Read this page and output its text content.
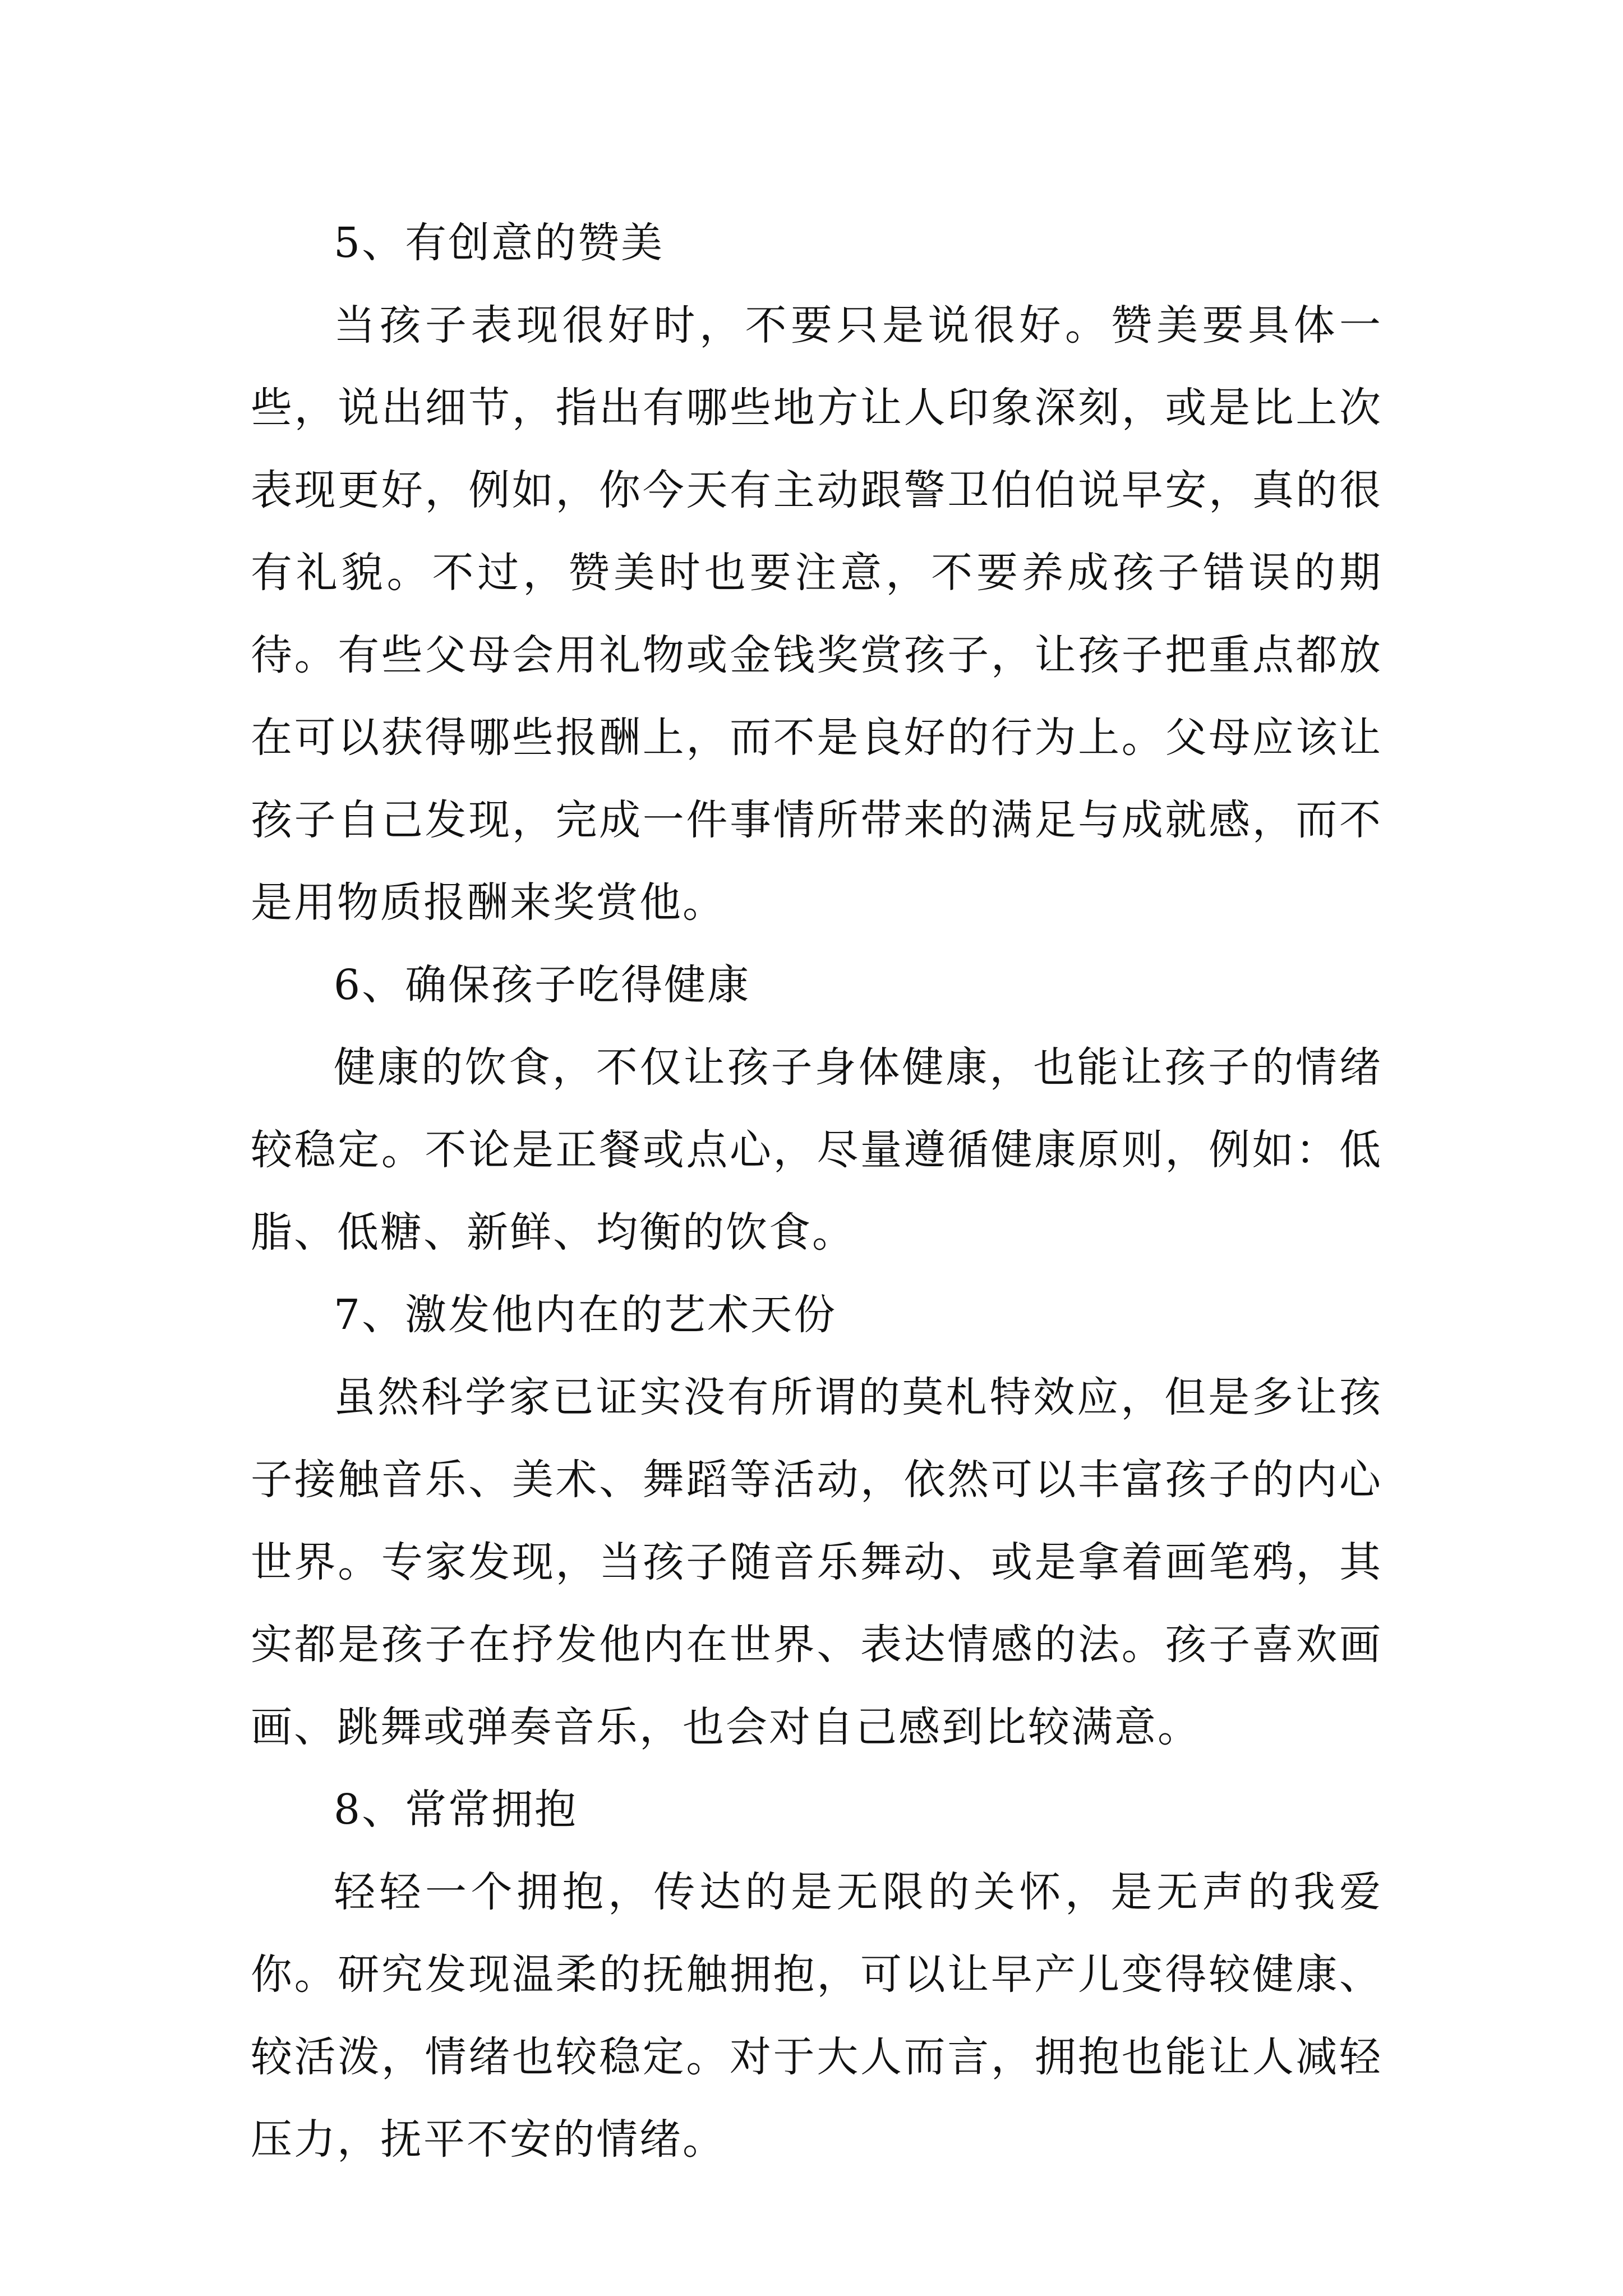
5、有创意的赞美

当孩子表现很好时，不要只是说很好。赞美要具体一些，说出细节，指出有哪些地方让人印象深刻，或是比上次表现更好，例如，你今天有主动跟警卫伯伯说早安，真的很有礼貌。不过，赞美时也要注意，不要养成孩子错误的期待。有些父母会用礼物或金钱奖赏孩子，让孩子把重点都放在可以获得哪些报酬上，而不是良好的行为上。父母应该让孩子自己发现，完成一件事情所带来的满足与成就感，而不是用物质报酬来奖赏他。

6、确保孩子吃得健康

健康的饮食，不仅让孩子身体健康，也能让孩子的情绪较稳定。不论是正餐或点心，尽量遵循健康原则，例如：低脂、低糖、新鲜、均衡的饮食。

7、激发他内在的艺术天份

虽然科学家已证实没有所谓的莫札特效应，但是多让孩子接触音乐、美术、舞蹈等活动，依然可以丰富孩子的内心世界。专家发现，当孩子随音乐舞动、或是拿着画笔鸦，其实都是孩子在抒发他内在世界、表达情感的法。孩子喜欢画画、跳舞或弹奏音乐，也会对自己感到比较满意。

8、常常拥抱

轻轻一个拥抱，传达的是无限的关怀，是无声的我爱你。研究发现温柔的抚触拥抱，可以让早产儿变得较健康、较活泼，情绪也较稳定。对于大人而言，拥抱也能让人减轻压力，抚平不安的情绪。
